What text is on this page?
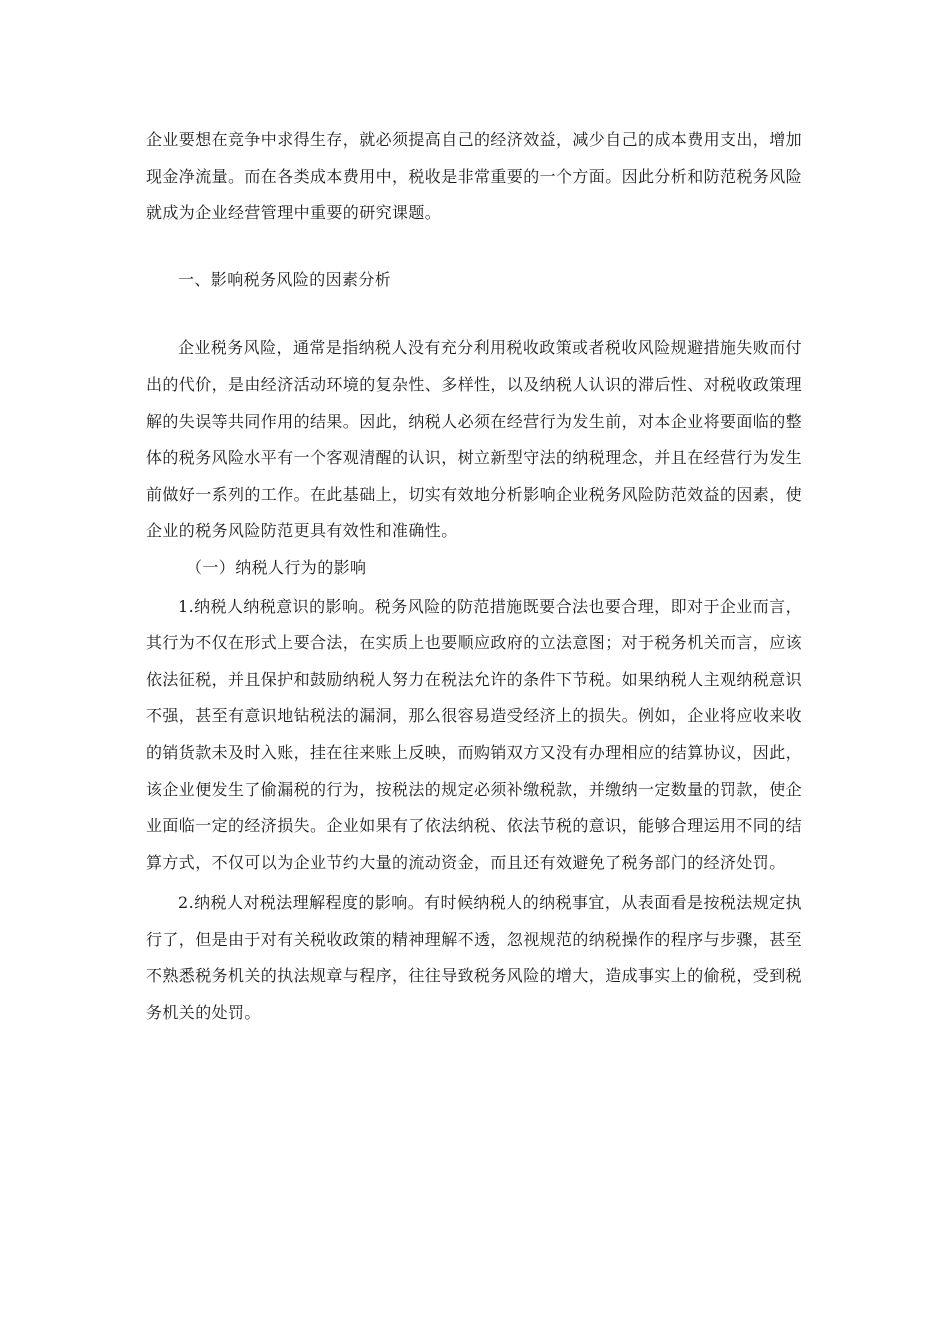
企业要想在竞争中求得生存，就必须提高自己的经济效益，减少自己的成本费用支出，增加现金净流量。而在各类成本费用中，税收是非常重要的一个方面。因此分析和防范税务风险就成为企业经营管理中重要的研究课题。

一、影响税务风险的因素分析

企业税务风险，通常是指纳税人没有充分利用税收政策或者税收风险规避措施失败而付出的代价，是由经济活动环境的复杂性、多样性，以及纳税人认识的滞后性、对税收政策理解的失误等共同作用的结果。因此，纳税人必须在经营行为发生前，对本企业将要面临的整体的税务风险水平有一个客观清醒的认识，树立新型守法的纳税理念，并且在经营行为发生前做好一系列的工作。在此基础上，切实有效地分析影响企业税务风险防范效益的因素，使企业的税务风险防范更具有效性和准确性。

（一）纳税人行为的影响

1.纳税人纳税意识的影响。税务风险的防范措施既要合法也要合理，即对于企业而言，其行为不仅在形式上要合法，在实质上也要顺应政府的立法意图；对于税务机关而言，应该依法征税，并且保护和鼓励纳税人努力在税法允许的条件下节税。如果纳税人主观纳税意识不强，甚至有意识地钻税法的漏洞，那么很容易造受经济上的损失。例如，企业将应收来收的销货款未及时入账，挂在往来账上反映，而购销双方又没有办理相应的结算协议，因此，该企业便发生了偷漏税的行为，按税法的规定必须补缴税款，并缴纳一定数量的罚款，使企业面临一定的经济损失。企业如果有了依法纳税、依法节税的意识，能够合理运用不同的结算方式，不仅可以为企业节约大量的流动资金，而且还有效避免了税务部门的经济处罚。

2.纳税人对税法理解程度的影响。有时候纳税人的纳税事宜，从表面看是按税法规定执行了，但是由于对有关税收政策的精神理解不透，忽视规范的纳税操作的程序与步骤，甚至不熟悉税务机关的执法规章与程序，往往导致税务风险的增大，造成事实上的偷税，受到税务机关的处罚。
